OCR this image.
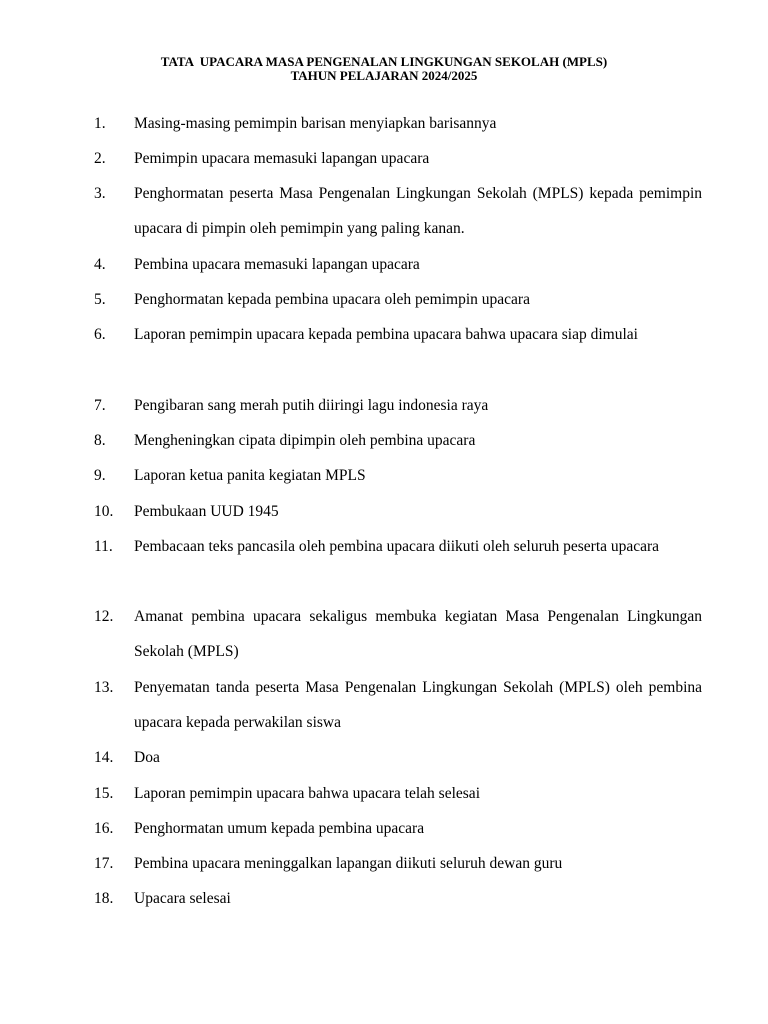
TATA  UPACARA MASA PENGENALAN LINGKUNGAN SEKOLAH (MPLS)
TAHUN PELAJARAN 2024/2025
1. Masing-masing pemimpin barisan menyiapkan barisannya
2. Pemimpin upacara memasuki lapangan upacara
3. Penghormatan peserta Masa Pengenalan Lingkungan Sekolah (MPLS) kepada pemimpin upacara di pimpin oleh pemimpin yang paling kanan.
4. Pembina upacara memasuki lapangan upacara
5. Penghormatan kepada pembina upacara oleh pemimpin upacara
6. Laporan pemimpin upacara kepada pembina upacara bahwa upacara siap dimulai
7. Pengibaran sang merah putih diiringi lagu indonesia raya
8. Mengheningkan cipata dipimpin oleh pembina upacara
9. Laporan ketua panita kegiatan MPLS
10. Pembukaan UUD 1945
11. Pembacaan teks pancasila oleh pembina upacara diikuti oleh seluruh peserta upacara
12. Amanat pembina upacara sekaligus membuka kegiatan Masa Pengenalan Lingkungan Sekolah (MPLS)
13. Penyematan tanda peserta Masa Pengenalan Lingkungan Sekolah (MPLS) oleh pembina upacara kepada perwakilan siswa
14. Doa
15. Laporan pemimpin upacara bahwa upacara telah selesai
16. Penghormatan umum kepada pembina upacara
17. Pembina upacara meninggalkan lapangan diikuti seluruh dewan guru
18. Upacara selesai
